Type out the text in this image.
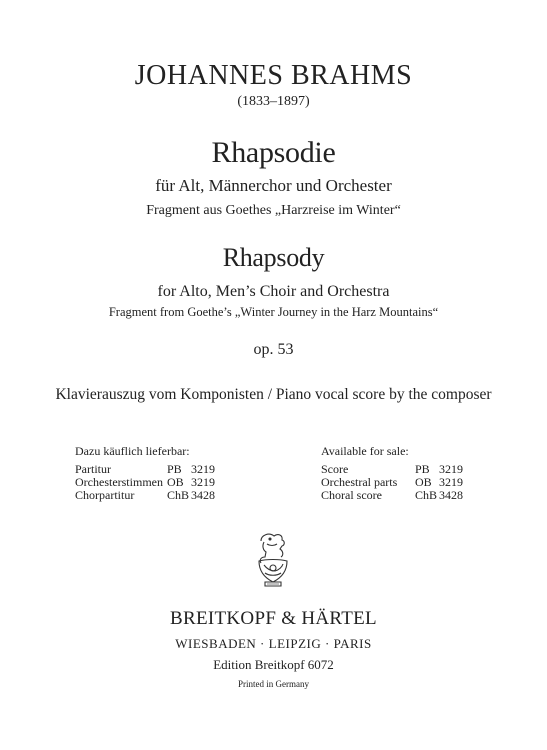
JOHANNES BRAHMS
(1833–1897)
Rhapsodie
für Alt, Männerchor und Orchester
Fragment aus Goethes „Harzreise im Winter“
Rhapsody
for Alto, Men’s Choir and Orchestra
Fragment from Goethe’s „Winter Journey in the Harz Mountains“
op. 53
Klavierauszug vom Komponisten / Piano vocal score by the composer
Dazu käuflich lieferbar:
Partitur	PB 3219
Orchesterstimmen OB 3219
Chorpartitur	ChB 3428
Available for sale:
Score	PB 3219
Orchestral parts	OB 3219
Choral score	ChB 3428
BREITKOPF & HÄRTEL
WIESBADEN · LEIPZIG · PARIS
Edition Breitkopf 6072
Printed in Germany
